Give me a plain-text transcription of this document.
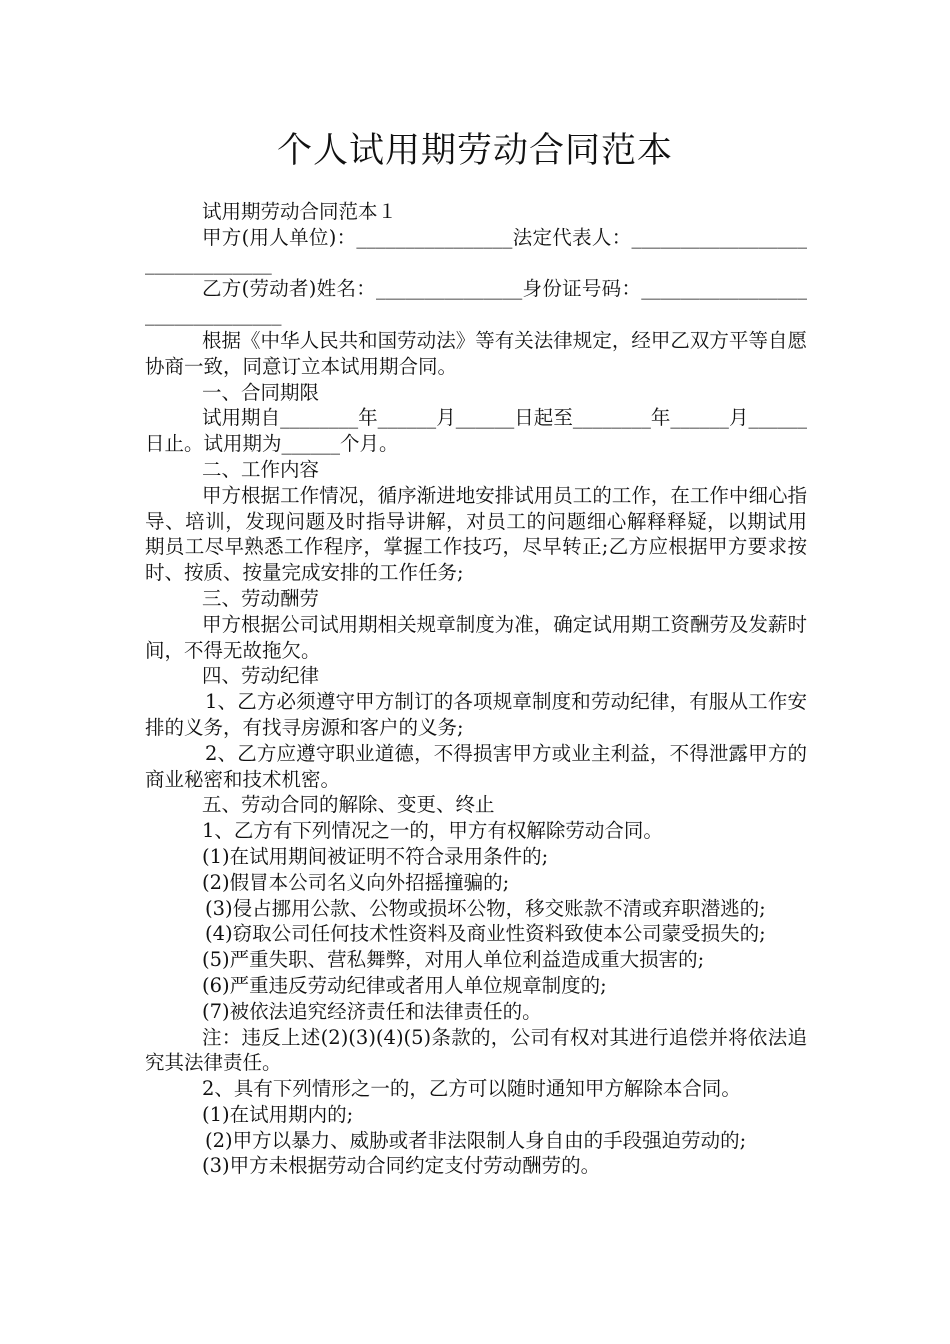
个人试用期劳动合同范本

试用期劳动合同范本１

甲方(用人单位)：________________法定代表人：_______________________________

乙方(劳动者)姓名：_______________身份证号码：_______________________________

根据《中华人民共和国劳动法》等有关法律规定，经甲乙双方平等自愿协商一致，同意订立本试用期合同。

一、合同期限

试用期自________年______月______日起至________年______月______日止。试用期为______个月。

二、工作内容

甲方根据工作情况，循序渐进地安排试用员工的工作，在工作中细心指导、培训，发现问题及时指导讲解，对员工的问题细心解释释疑，以期试用期员工尽早熟悉工作程序，掌握工作技巧，尽早转正;乙方应根据甲方要求按时、按质、按量完成安排的工作任务;

三、劳动酬劳

甲方根据公司试用期相关规章制度为准，确定试用期工资酬劳及发薪时间，不得无故拖欠。

四、劳动纪律

1、乙方必须遵守甲方制订的各项规章制度和劳动纪律，有服从工作安排的义务，有找寻房源和客户的义务;

2、乙方应遵守职业道德，不得损害甲方或业主利益，不得泄露甲方的商业秘密和技术机密。

五、劳动合同的解除、变更、终止

1、乙方有下列情况之一的，甲方有权解除劳动合同。

(1)在试用期间被证明不符合录用条件的;

(2)假冒本公司名义向外招摇撞骗的;

(3)侵占挪用公款、公物或损坏公物，移交账款不清或弃职潜逃的;

(4)窃取公司任何技术性资料及商业性资料致使本公司蒙受损失的;

(5)严重失职、营私舞弊，对用人单位利益造成重大损害的;

(6)严重违反劳动纪律或者用人单位规章制度的;

(7)被依法追究经济责任和法律责任的。

注：违反上述(2)(3)(4)(5)条款的，公司有权对其进行追偿并将依法追究其法律责任。

2、具有下列情形之一的，乙方可以随时通知甲方解除本合同。

(1)在试用期内的;

(2)甲方以暴力、威胁或者非法限制人身自由的手段强迫劳动的;

(3)甲方未根据劳动合同约定支付劳动酬劳的。
